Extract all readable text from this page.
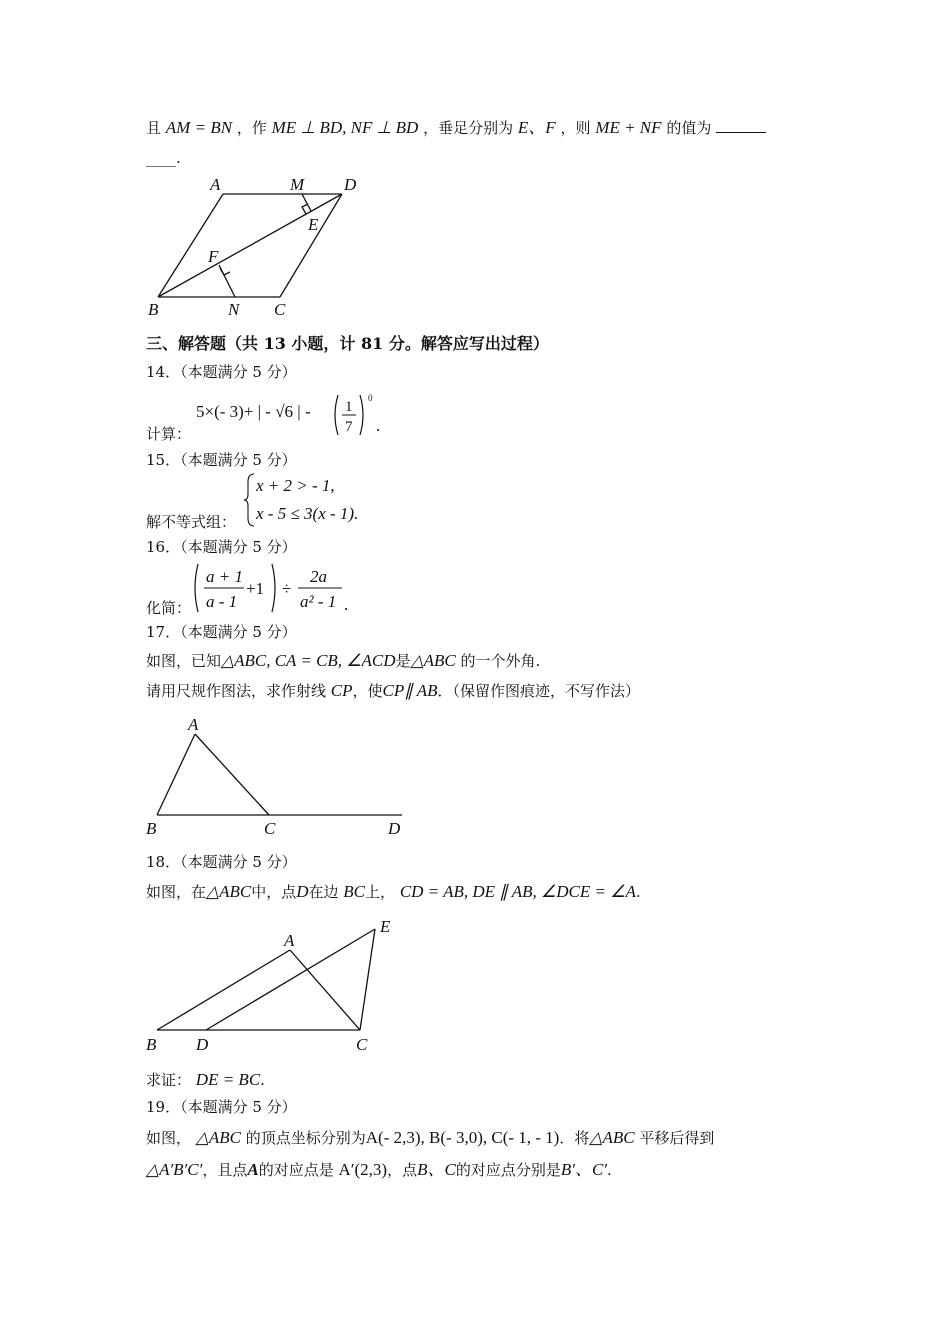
且 AM = BN ，作 ME ⊥ BD, NF ⊥ BD ，垂足分别为 E、F ，则 ME + NF 的值为
____.
A	M D
E
F
B	N C
三、解答题（共 13 小题，计 81 分。解答应写出过程）
14．（本题满分 5 分）
5×(- 3)+ | - √6 | - 1
7
0
.
计算：
15．（本题满分 5 分）
x + 2 > - 1,
x - 5 ≤ 3(x - 1).
解不等式组：
16．（本题满分 5 分）
a + 1
a - 1
+1 ÷
2a
a² - 1 .
化简：
17．（本题满分 5 分）
如图，已知△ABC, CA = CB, ∠ACD是△ABC 的一个外角.
请用尺规作图法，求作射线 CP，使CP∥ AB．（保留作图痕迹，不写作法）
A
B	C	D
18．（本题满分 5 分）
如图，在△ABC中，点D在边 BC上， CD = AB, DE ∥ AB, ∠DCE = ∠A.
A
E
B D	C
求证： DE = BC.
19．（本题满分 5 分）
如图， △ABC 的顶点坐标分别为A(- 2,3), B(- 3,0), C(- 1, - 1)．将△ABC 平移后得到
△A′B′C′，且点A的对应点是 A′(2,3)，点B、C的对应点分别是B′、C′.
